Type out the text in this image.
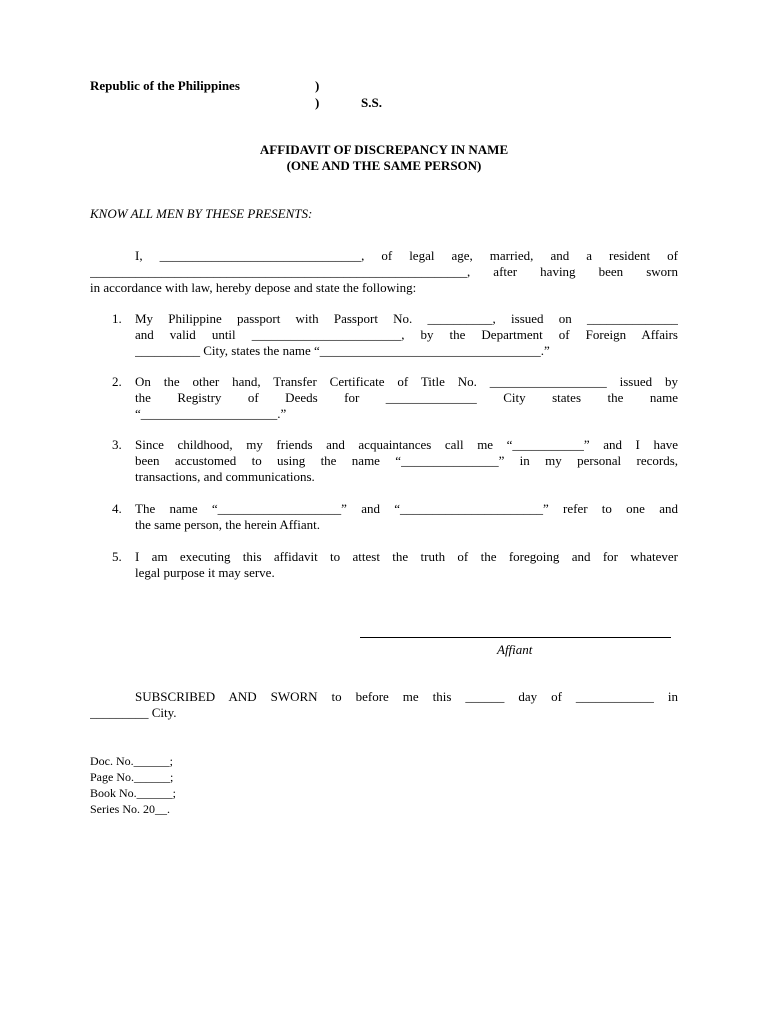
Republic of the Philippines	)
)	S.S.
AFFIDAVIT OF DISCREPANCY IN NAME
(ONE AND THE SAME PERSON)
KNOW ALL MEN BY THESE PRESENTS:
I, _______________________________, of legal age, married, and a resident of
__________________________________________________________, after having been sworn
in accordance with law, hereby depose and state the following:
1.	My Philippine passport with Passport No. __________, issued on ______________
and valid until _______________________, by the Department of Foreign Affairs
__________ City, states the name “__________________________________.”
2.	On the other hand, Transfer Certificate of Title No. __________________ issued by
the Registry of Deeds for ______________ City states the name
“_____________________.”
3.	Since childhood, my friends and acquaintances call me “___________” and I have
been accustomed to using the name “_______________” in my personal records,
transactions, and communications.
4.	The name “___________________” and “______________________” refer to one and
the same person, the herein Affiant.
5.	I am executing this affidavit to attest the truth of the foregoing and for whatever
legal purpose it may serve.
Affiant
SUBSCRIBED AND SWORN to before me this ______ day of ____________ in
_________ City.
Doc. No.______;
Page No.______;
Book No.______;
Series No. 20__.
